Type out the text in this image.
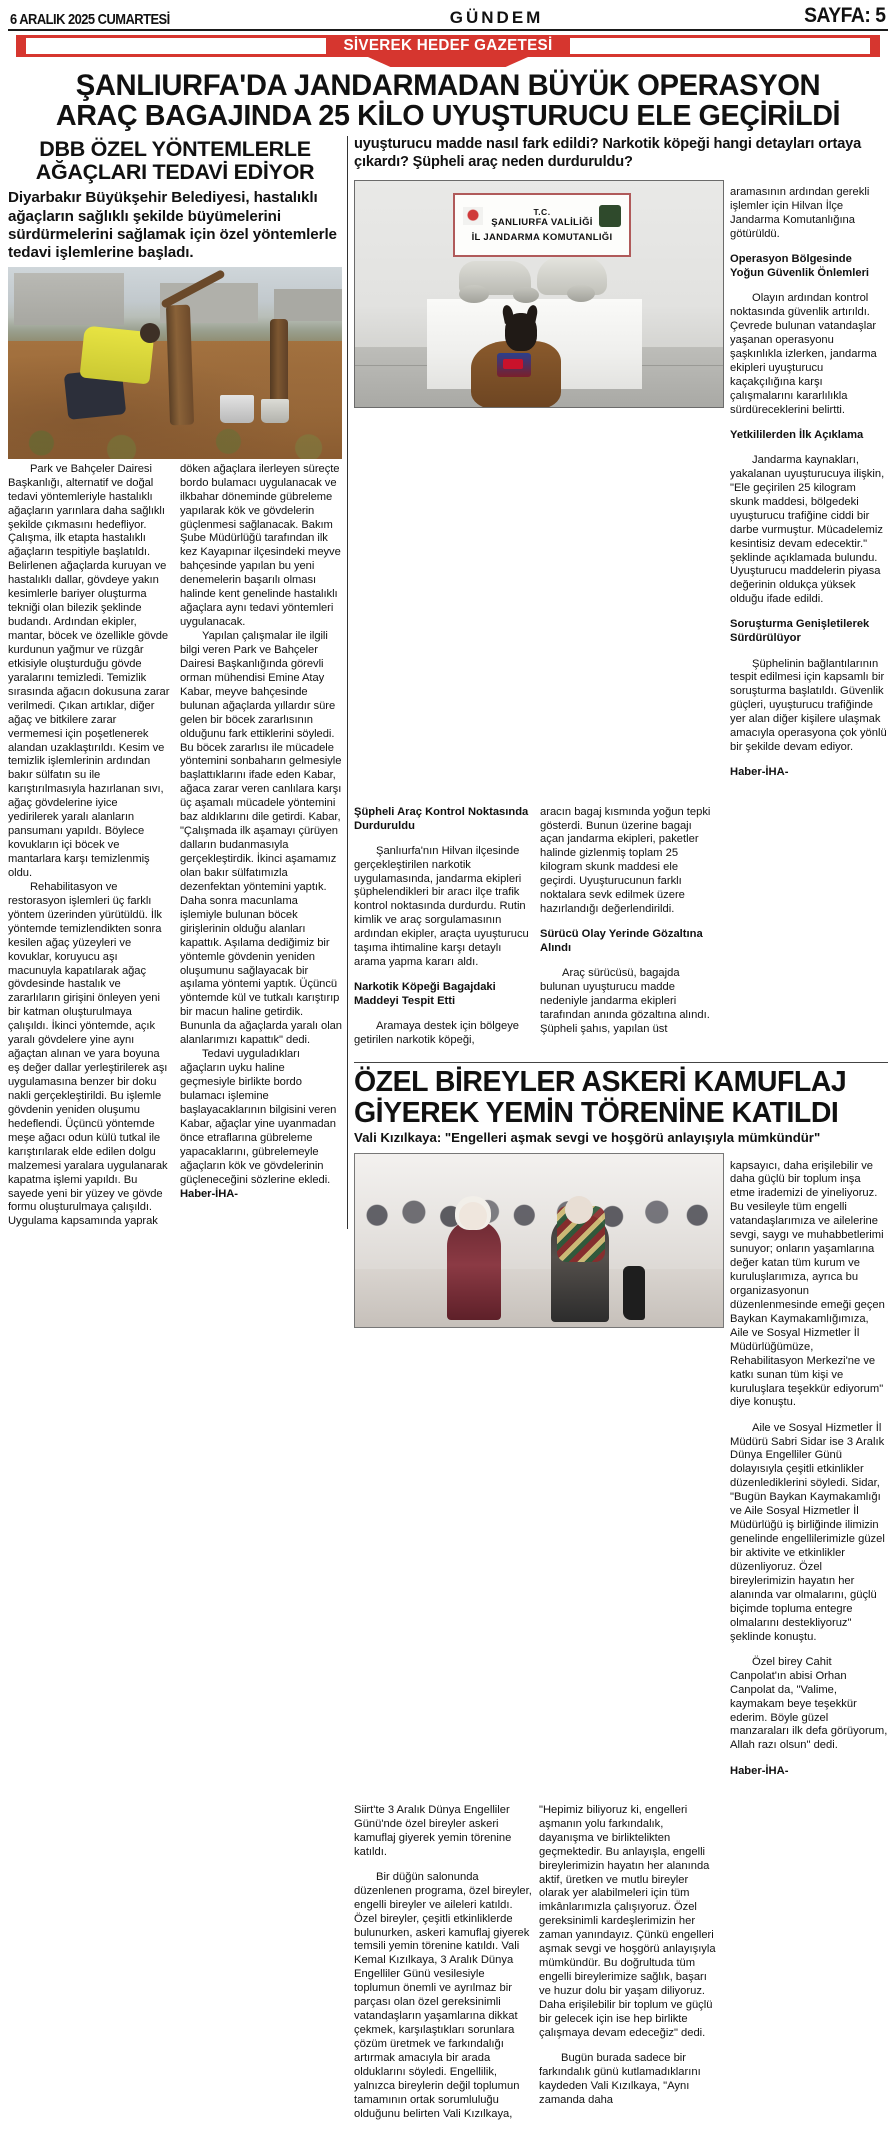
6 ARALIK 2025 CUMARTESİ	GÜNDEM	SAYFA: 5
SİVEREK HEDEF GAZETESİ
ŞANLIURFA'DA JANDARMADAN BÜYÜK OPERASYON
ARAÇ BAGAJINDA 25 KİLO UYUŞTURUCU ELE GEÇİRİLDİ
DBB ÖZEL YÖNTEMLERLE
AĞAÇLARI TEDAVİ EDİYOR
Diyarbakır Büyükşehir Belediyesi, hastalıklı ağaçların sağlıklı şekilde büyümelerini sürdürmelerini sağlamak için özel yöntemlerle tedavi işlemlerine başladı.

Park ve Bahçeler Dairesi Başkanlığı, alternatif ve doğal tedavi yöntemleriyle hastalıklı ağaçların yarınlara daha sağlıklı şekilde çıkmasını hedefliyor. Çalışma, ilk etapta hastalıklı ağaçların tespitiyle başlatıldı. Belirlenen ağaçlarda kuruyan ve hastalıklı dallar, gövdeye yakın kesimlerle bariyer oluşturma tekniği olan bilezik şeklinde budandı. Ardından ekipler, mantar, böcek ve özellikle gövde kurdunun yağmur ve rüzgâr etkisiyle oluşturduğu gövde yaralarını temizledi. Temizlik sırasında ağacın dokusuna zarar verilmedi. Çıkan artıklar, diğer ağaç ve bitkilere zarar vermemesi için poşetlenerek alandan uzaklaştırıldı. Kesim ve temizlik işlemlerinin ardından bakır sülfatın su ile karıştırılmasıyla hazırlanan sıvı, ağaç gövdelerine iyice yedirilerek yaralı alanların pansumanı yapıldı. Böylece kovukların içi böcek ve mantarlara karşı temizlenmiş oldu.

Rehabilitasyon ve restorasyon işlemleri üç farklı yöntem üzerinden yürütüldü. İlk yöntemde temizlendikten sonra kesilen ağaç yüzeyleri ve kovuklar, koruyucu aşı macunuyla kapatılarak ağaç gövdesinde hastalık ve zararlıların girişini önleyen yeni bir katman oluşturulmaya çalışıldı. İkinci yöntemde, açık yaralı gövdelere yine aynı ağaçtan alınan ve yara boyuna eş değer dallar yerleştirilerek aşı uygulamasına benzer bir doku nakli gerçekleştirildi. Bu işlemle gövdenin yeniden oluşumu hedeflendi. Üçüncü yöntemde meşe ağacı odun külü tutkal ile karıştırılarak elde edilen dolgu malzemesi yaralara uygulanarak kapatma işlemi yapıldı. Bu sayede yeni bir yüzey ve gövde formu oluşturulmaya çalışıldı. Uygulama kapsamında yaprak

döken ağaçlara ilerleyen süreçte bordo bulamacı uygulanacak ve ilkbahar döneminde gübreleme yapılarak kök ve gövdelerin güçlenmesi sağlanacak. Bakım Şube Müdürlüğü tarafından ilk kez Kayapınar ilçesindeki meyve bahçesinde yapılan bu yeni denemelerin başarılı olması halinde kent genelinde hastalıklı ağaçlara aynı tedavi yöntemleri uygulanacak.

Yapılan çalışmalar ile ilgili bilgi veren Park ve Bahçeler Dairesi Başkanlığında görevli orman mühendisi Emine Atay Kabar, meyve bahçesinde bulunan ağaçlarda yıllardır süre gelen bir böcek zararlısının olduğunu fark ettiklerini söyledi. Bu böcek zararlısı ile mücadele yöntemini sonbaharın gelmesiyle başlattıklarını ifade eden Kabar, ağaca zarar veren canlılara karşı üç aşamalı mücadele yöntemini baz aldıklarını dile getirdi. Kabar, "Çalışmada ilk aşamayı çürüyen dalların budanmasıyla gerçekleştirdik. İkinci aşamamız olan bakır sülfatımızla dezenfektan yöntemini yaptık. Daha sonra macunlama işlemiyle bulunan böcek girişlerinin olduğu alanları kapattık. Aşılama dediğimiz bir yöntemle gövdenin yeniden oluşumunu sağlayacak bir aşılama yöntemi yaptık. Üçüncü yöntemde kül ve tutkalı karıştırıp bir macun haline getirdik. Bununla da ağaçlarda yaralı olan alanlarımızı kapattık" dedi.

Tedavi uyguladıkları ağaçların uyku haline geçmesiyle birlikte bordo bulamacı işlemine başlayacaklarının bilgisini veren Kabar, ağaçlar yine uyanmadan önce etraflarına gübreleme yapacaklarını, gübrelemeyle ağaçların kök ve gövdelerinin güçleneceğini sözlerine ekledi.

Haber-İHA-

uyuşturucu madde nasıl fark edildi? Narkotik köpeği hangi detayları ortaya çıkardı? Şüpheli araç neden durduruldu?
T.C.
ŞANLIURFA VALİLİĞİ
İL JANDARMA KOMUTANLIĞI

aramasının ardından gerekli işlemler için Hilvan İlçe Jandarma Komutanlığına götürüldü.

Operasyon Bölgesinde Yoğun Güvenlik Önlemleri

Olayın ardından kontrol noktasında güvenlik artırıldı. Çevrede bulunan vatandaşlar yaşanan operasyonu şaşkınlıkla izlerken, jandarma ekipleri uyuşturucu kaçakçılığına karşı çalışmalarını kararlılıkla sürdüreceklerini belirtti.

Yetkililerden İlk Açıklama

Jandarma kaynakları, yakalanan uyuşturucuya ilişkin, "Ele geçirilen 25 kilogram skunk maddesi, bölgedeki uyuşturucu trafiğine ciddi bir darbe vurmuştur. Mücadelemiz kesintisiz devam edecektir." şeklinde açıklamada bulundu. Uyuşturucu maddelerin piyasa değerinin oldukça yüksek olduğu ifade edildi.

Soruşturma Genişletilerek Sürdürülüyor

Şüphelinin bağlantılarının tespit edilmesi için kapsamlı bir soruşturma başlatıldı. Güvenlik güçleri, uyuşturucu trafiğinde yer alan diğer kişilere ulaşmak amacıyla operasyona çok yönlü bir şekilde devam ediyor.

Haber-İHA-

Şüpheli Araç Kontrol Noktasında Durduruldu

Şanlıurfa'nın Hilvan ilçesinde gerçekleştirilen narkotik uygulamasında, jandarma ekipleri şüphelendikleri bir aracı ilçe trafik kontrol noktasında durdurdu. Rutin kimlik ve araç sorgulamasının ardından ekipler, araçta uyuşturucu taşıma ihtimaline karşı detaylı arama yapma kararı aldı.

Narkotik Köpeği Bagajdaki Maddeyi Tespit Etti

Aramaya destek için bölgeye getirilen narkotik köpeği,

aracın bagaj kısmında yoğun tepki gösterdi. Bunun üzerine bagajı açan jandarma ekipleri, paketler halinde gizlenmiş toplam 25 kilogram skunk maddesi ele geçirdi. Uyuşturucunun farklı noktalara sevk edilmek üzere hazırlandığı değerlendirildi.

Sürücü Olay Yerinde Gözaltına Alındı

Araç sürücüsü, bagajda bulunan uyuşturucu madde nedeniyle jandarma ekipleri tarafından anında gözaltına alındı. Şüpheli şahıs, yapılan üst

ÖZEL BİREYLER ASKERİ KAMUFLAJ
GİYEREK YEMİN TÖRENİNE KATILDI
Vali Kızılkaya: "Engelleri aşmak sevgi ve hoşgörü anlayışıyla mümkündür"

kapsayıcı, daha erişilebilir ve daha güçlü bir toplum inşa etme irademizi de yineliyoruz. Bu vesileyle tüm engelli vatandaşlarımıza ve ailelerine sevgi, saygı ve muhabbetlerimi sunuyor; onların yaşamlarına değer katan tüm kurum ve kuruluşlarımıza, ayrıca bu organizasyonun düzenlenmesinde emeği geçen Baykan Kaymakamlığımıza, Aile ve Sosyal Hizmetler İl Müdürlüğümüze, Rehabilitasyon Merkezi'ne ve katkı sunan tüm kişi ve kuruluşlara teşekkür ediyorum" diye konuştu.

Aile ve Sosyal Hizmetler İl Müdürü Sabri Sidar ise 3 Aralık Dünya Engelliler Günü dolayısıyla çeşitli etkinlikler düzenlediklerini söyledi. Sidar, "Bugün Baykan Kaymakamlığı ve Aile Sosyal Hizmetler İl Müdürlüğü iş birliğinde ilimizin genelinde engellilerimizle güzel bir aktivite ve etkinlikler düzenliyoruz. Özel bireylerimizin hayatın her alanında var olmalarını, güçlü biçimde topluma entegre olmalarını destekliyoruz" şeklinde konuştu.

Özel birey Cahit Canpolat'ın abisi Orhan Canpolat da, "Valime, kaymakam beye teşekkür ederim. Böyle güzel manzaraları ilk defa görüyorum, Allah razı olsun" dedi.

Haber-İHA-

Siirt'te 3 Aralık Dünya Engelliler Günü'nde özel bireyler askeri kamuflaj giyerek yemin törenine katıldı.

Bir düğün salonunda düzenlenen programa, özel bireyler, engelli bireyler ve aileleri katıldı. Özel bireyler, çeşitli etkinliklerde bulunurken, askeri kamuflaj giyerek temsili yemin törenine katıldı. Vali Kemal Kızılkaya, 3 Aralık Dünya Engelliler Günü vesilesiyle toplumun önemli ve ayrılmaz bir parçası olan özel gereksinimli vatandaşların yaşamlarına dikkat çekmek, karşılaştıkları sorunlara çözüm üretmek ve farkındalığı artırmak amacıyla bir arada olduklarını söyledi. Engellilik, yalnızca bireylerin değil toplumun tamamının ortak sorumluluğu olduğunu belirten Vali Kızılkaya,

"Hepimiz biliyoruz ki, engelleri aşmanın yolu farkındalık, dayanışma ve birliktelikten geçmektedir. Bu anlayışla, engelli bireylerimizin hayatın her alanında aktif, üretken ve mutlu bireyler olarak yer alabilmeleri için tüm imkânlarımızla çalışıyoruz. Özel gereksinimli kardeşlerimizin her zaman yanındayız. Çünkü engelleri aşmak sevgi ve hoşgörü anlayışıyla mümkündür. Bu doğrultuda tüm engelli bireylerimize sağlık, başarı ve huzur dolu bir yaşam diliyoruz. Daha erişilebilir bir toplum ve güçlü bir gelecek için ise hep birlikte çalışmaya devam edeceğiz" dedi.

Bugün burada sadece bir farkındalık günü kutlamadıklarını kaydeden Vali Kızılkaya, "Aynı zamanda daha
